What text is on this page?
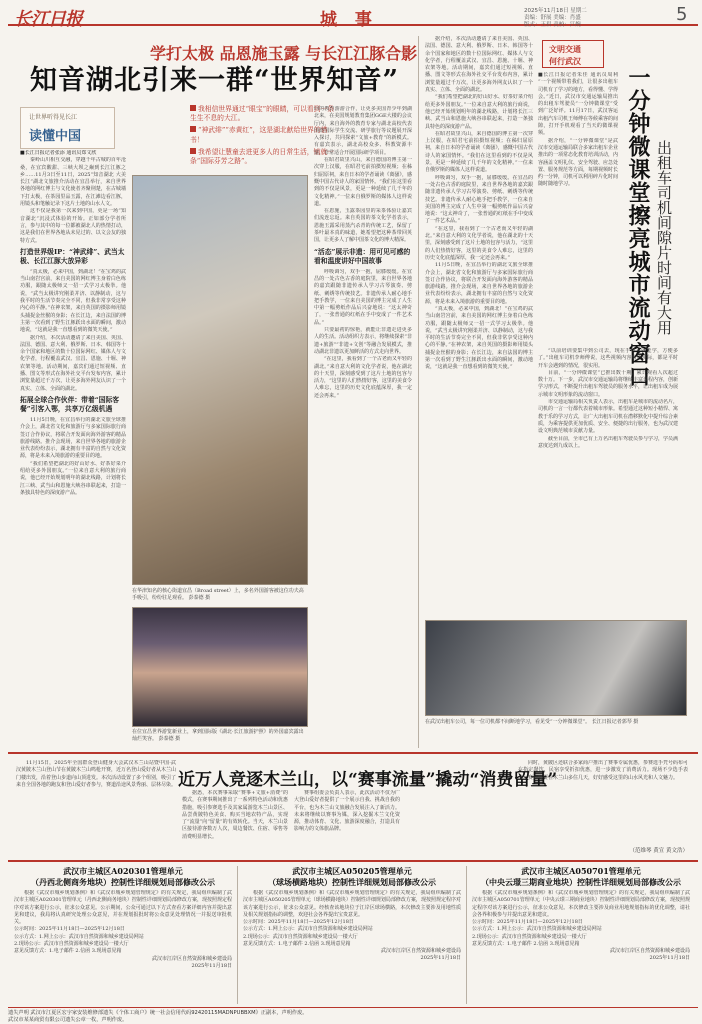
长江日报	城 事	2025年11月18日 星期二
责编：舒展 美编：肖盛
版式：王眉 责校：江婉	5
学打太极 品恩施玉露 与长江江豚合影
知音湖北引来一群“世界知音”
让世界听得见长江
读懂中国
我相信世界通过“眼宝”的眼睛，可以看到一条生生不息的大江。
“神武绯”“赤黄红”，这是湖北献给世界的惜书！
我希望让慧童去进更多人的日常生活，铺就一条“国际芬芳之路”。
■长江日报记者张添 通讯员郑文欣
秦岭山川相互交融，穿越千年古城的百年沧桑，在宜宾酸甜、三峡大坝之巅到长江江豚之乡……11月3日至11日，2025“知音湖北 大美长江”湖北文旅推介活动在宜昌举行，来自世界各地的网红博主与文化使者齐聚荆楚，在古城墙下打太极，在茶园里品玉露，在江滩边看江豚，用镜头和笔触记录下这片土地的山水人文。
这不仅是我第一次来到中国，更是一场“知音湖北”沉浸式体验的开始。正如部分学者所言，参与其中的每一位都被湖北人的热情打动，这是我们在世界各地从未见过的、以文会友的独特方式。
打造世界级IP：“神武绯”、武当太极、长江江豚大放异彩
“真太极，必来中国，到湖北！”在宝鸡的武当山南岩宫前，来自美国的网红博主身着白色练功服，跟随太极师父一招一式学习太极拳。他说，“武当太极讲究刚柔并济、以静制动，这与我平时的生活节奏完全不同，但我非常享受这种内心的平静。”在神农架，来自英国的摄影师用镜头捕捉金丝猴的身影；在长江边，来自法国的博主第一次看到了野生江豚跃出水面的瞬间，激动地说，“这就是我一直想看到的微笑天使。”
据介绍，本次活动邀请了来自美国、英国、法国、德国、意大利、俄罗斯、日本、韩国等十余个国家和地区的数十位国际网红、媒体人与文化学者，行程覆盖武汉、宜昌、恩施、十堰、神农架等地。活动期间，嘉宾们通过短视频、直播、图文等形式在海外社交平台发布内容，累计浏览量超过千万次，让更多海外网友认识了一个真实、立体、全面的湖北。
拓展全球合作伙伴：带着“国际客餐”引客入鄂，共享万亿级机遇
11月5日晚，在宜昌举行的湖北文旅全球推介会上，湖北省文化和旅游厅与多家国际旅行商签订合作协议，将联合开发面向海外游客的精品旅游线路。推介会现场，来自世界各地的旅游企业代表纷纷表示，湖北拥有丰富的自然与文化资源，将是未来入境旅游的重要目的地。
“我们希望把湖北的好山好水、好茶好菜介绍给更多外国朋友。”一位来自意大利的旅行商说，他已经开始规划明年的湖北线路，计划将长江三峡、武当山和恩施大峡谷串联起来，打造一条独具特色的深度游产品。
在华津知名的核心街道宜昌（Broad street）上，多名外国游客被这位功夫高手吸引，纷纷驻足观看。 彭泰德 摄
在位宜昌世界游览新业上，拿到国际版《湖北·长江旅游护照》的外国嘉宾露出灿烂笑容。 彭泰德 摄
同的教育游游合作，让更多美国青少年到湖北来，在美国规划教育集团GGE大楼的会议厅内，来自海外的教育专家与湖北高校代表围绕国际学生交流、研学旅行等议题展开深入探讨，共同探索“文旅+教育”的新模式。有嘉宾表示，湖北高校众多、科教资源丰富，非常适合开展国际研学项目。
在昭君故里兴山，来自德国的博主第一次穿上汉服，在昭君宅前拍摄短视频；在秭归屈原祠，来自日本的学者诵读《离骚》，感慨中国古代诗人的家国情怀。“我们在这里看到的不仅是风景，更是一种延续了几千年的文化精神。”一位来自俄罗斯的媒体人这样说道。
在恩施，玉露茶园里的采茶体验让嘉宾们流连忘返。来自英国的茶文化学者表示，恩施玉露采用蒸汽杀青的传统工艺，保留了茶叶最本真的味道，她希望把这种茶带回英国，让更多人了解中国茶文化的博大精深。
“活态”展示非遗：用可见可感的看和温度讲好中国故事
呼吸调匀，双手一抱，屈膝缓缓。在宜昌的一处古色古香的庭院里，来自世界各地的嘉宾跟随非遗传承人学习古琴演奏、剪纸、刺绣等传统技艺。非遗传承人耐心地手把手教学，一位来自美国的博主完成了人生中第一幅剪纸作品后兴奋地说：“这太神奇了，一张普通的红纸在手中变成了一件艺术品。”
只要最初的惊艳，就能让非遗走进更多人的生活。活动组织方表示，将继续探索“非遗+旅游”“非遗+文创”等融合发展模式，推动湖北非遗以更加鲜活的方式走向世界。
“在这里，我看到了一个古老而又年轻的湖北。”来自意大利的文化学者说，他在湖北的十天里，深刻感受到了这片土地的包容与活力，“这里的人们热情好客，这里的美食令人难忘，这里的历史文化底蕴深厚，我一定还会再来。”
文明交通
何行武汉
一分钟微课堂擦亮城市流动窗口 出租车司机间隙片时间有大用
■长江日报记者朱佳 通讯员周利 “一个视频带着我们，让很多出租车司机有了学习的地方，看得懂、学得会。”近日，武汉市交通运输局推出的出租车驾驶员“一分钟微课堂”受到广泛好评。11月17日，武汉客运出租汽车司机王师傅在等候乘客的间隙，打开手机观看了当天的微课视频。
据介绍，“一分钟微课堂”是武汉市交通运输局联合多家出租车企业推出的一项常态化教育培训活动，内容涵盖文明礼仪、安全驾驶、应急处置、服务规范等方面，每期视频时长约一分钟，司机可以利用碎片化时间随时随地学习。
“以前培训要集中到公司去，现在手机上就能学，方便多了。”出租车司机李师傅说，这些视频内容贴近实际，都是平时开车会遇到的情况，很实用。
目前，“一分钟微课堂”已推出数十期，累计观看人次超过数十万。下一步，武汉市交通运输局将继续丰富课程内容，创新学习形式，不断提升出租车驾驶员的服务水平，让出租车成为展示城市文明形象的流动窗口。
市交通运输局相关负责人表示，出租车是城市的流动名片，司机的一言一行都代表着城市形象。希望通过这种短小精悍、寓教于乐的学习方式，让广大出租车司机在潜移默化中提升综合素质，为乘客提供更加优质、安全、便捷的出行服务，也为武汉建设文明典范城市贡献力量。
截至目前，全市已有上万名出租车驾驶员参与学习，学员满意度达到九成以上。
据介绍，本次活动邀请了来自美国、英国、法国、德国、意大利、俄罗斯、日本、韩国等十余个国家和地区的数十位国际网红、媒体人与文化学者，行程覆盖武汉、宜昌、恩施、十堰、神农架等地。活动期间，嘉宾们通过短视频、直播、图文等形式在海外社交平台发布内容，累计浏览量超过千万次，让更多海外网友认识了一个真实、立体、全面的湖北。
“我们希望把湖北的好山好水、好茶好菜介绍给更多外国朋友。”一位来自意大利的旅行商说，他已经开始规划明年的湖北线路，计划将长江三峡、武当山和恩施大峡谷串联起来，打造一条独具特色的深度游产品。
在昭君故里兴山，来自德国的博主第一次穿上汉服，在昭君宅前拍摄短视频；在秭归屈原祠，来自日本的学者诵读《离骚》，感慨中国古代诗人的家国情怀。“我们在这里看到的不仅是风景，更是一种延续了几千年的文化精神。”一位来自俄罗斯的媒体人这样说道。
呼吸调匀，双手一抱，屈膝缓缓。在宜昌的一处古色古香的庭院里，来自世界各地的嘉宾跟随非遗传承人学习古琴演奏、剪纸、刺绣等传统技艺。非遗传承人耐心地手把手教学，一位来自美国的博主完成了人生中第一幅剪纸作品后兴奋地说：“这太神奇了，一张普通的红纸在手中变成了一件艺术品。”
“在这里，我看到了一个古老而又年轻的湖北。”来自意大利的文化学者说，他在湖北的十天里，深刻感受到了这片土地的包容与活力，“这里的人们热情好客，这里的美食令人难忘，这里的历史文化底蕴深厚，我一定还会再来。”
11月5日晚，在宜昌举行的湖北文旅全球推介会上，湖北省文化和旅游厅与多家国际旅行商签订合作协议，将联合开发面向海外游客的精品旅游线路。推介会现场，来自世界各地的旅游企业代表纷纷表示，湖北拥有丰富的自然与文化资源，将是未来入境旅游的重要目的地。
“真太极，必来中国，到湖北！”在宝鸡的武当山南岩宫前，来自美国的网红博主身着白色练功服，跟随太极师父一招一式学习太极拳。他说，“武当太极讲究刚柔并济、以静制动，这与我平时的生活节奏完全不同，但我非常享受这种内心的平静。”在神农架，来自英国的摄影师用镜头捕捉金丝猴的身影；在长江边，来自法国的博主第一次看到了野生江豚跃出水面的瞬间，激动地说，“这就是我一直想看到的微笑天使。”
在武汉出租车公司，每一位司机都不间断地学习，看见受“一分钟微课堂”。 长江日报记者郭琴 摄
11月15日，2025年全国群众登山健身大会武汉木兰山站暨中国·武汉黄陂木兰山登山节在黄陂木兰山鸣枪开赛，近万名登山爱好者从木兰山门楼出发，沿着登山步道向山顶进发。本次活动设置了多个组别，吸引了来自全国各地的跑友和登山爱好者参与，赛道沿途风景秀丽、层林尽染。 近万人竞逐木兰山，以“赛事流量”撬动“消费留量”
据悉，本次赛事采取“赛事+文旅+消费”的模式，在赛事期间推出了一系列特色活动和优惠措施，吸引参赛选手及其家属游览木兰山景区、品尝黄陂特色美食、购买当地农特产品，实现了“流量”向“留量”的有效转化。当天，木兰山景区接待游客数万人次，周边餐饮、住宿、零售等消费明显增长。
赛事组委会负责人表示，此次活动不仅为广大登山爱好者提供了一个展示自我、挑战自我的平台，也为木兰山文旅融合发展注入了新活力。未来将继续以赛事为媒，深入挖掘木兰文化资源，推动体育、文化、旅游深度融合，打造具有影响力的文体旅品牌。
同时，黄陂区还联合多家商户推出了赛事专属优惠，参赛选手凭号码布可在指定餐饮、民宿享受折扣优惠，进一步激发了消费活力。现场不少选手表示，赛后还要在木兰山多住几天，好好感受这里的山水风光和人文魅力。
（范维琴 黄宣 黄文浩）
武汉市主城区A020301管理单元
（丹西北侧商务地块）控制性详细规划局部修改公示
根据《武汉市城乡规划条例》和《武汉市城乡规划管理规定》的有关规定，我局组织编制了武汉市主城区A020301管理单元（丹西北侧商务地块）控制性详细规划局部修改方案，现按照规定程序对该方案进行公示，征求公众意见。公示期间，公众可通过以下方式查看方案详细内容并提出意见和建议，我局将认真研究处理公众意见，并在规划报批时将公众意见处理情况一并报送审批机关。
公示时间：2025年11月18日—2025年12月18日
公示方式：1.网上公示：武汉市自然资源和城乡建设局网站
2.现场公示：武汉市自然资源和城乡建设局一楼大厅
意见反馈方式：1.电子邮件 2.信函 3.现场意见箱
武汉市江岸区自然资源和城乡建设局
2025年11月18日
武汉市主城区A050205管理单元
（球场横路地块）控制性详细规划局部修改公示
根据《武汉市城乡规划条例》和《武汉市城乡规划管理规定》的有关规定，我局组织编制了武汉市主城区A050205管理单元（球场横路地块）控制性详细规划局部修改方案，现按照规定程序对该方案进行公示，征求公众意见。经核查该地块位于江岸区球场横路，本次修改主要涉及用地性质及相关规划指标的调整，欢迎社会各界提出宝贵意见。
公示时间：2025年11月18日—2025年12月18日
公示方式：1.网上公示：武汉市自然资源和城乡建设局网站
2.现场公示：武汉市自然资源和城乡建设局一楼大厅
意见反馈方式：1.电子邮件 2.信函 3.现场意见箱
武汉市江岸区自然资源和城乡建设局
2025年11月18日
武汉市主城区A050701管理单元
（中央云璟三期商业地块）控制性详细规划局部修改公示
根据《武汉市城乡规划条例》和《武汉市城乡规划管理规定》的有关规定，我局组织编制了武汉市主城区A050701管理单元（中央云璟三期商业地块）控制性详细规划局部修改方案，现按照规定程序对该方案进行公示，征求公众意见。本次修改主要涉及商业用地规划指标的优化调整，请社会各界积极参与并提出意见和建议。
公示时间：2025年11月18日—2025年12月18日
公示方式：1.网上公示：武汉市自然资源和城乡建设局网站
2.现场公示：武汉市自然资源和城乡建设局一楼大厅
意见反馈方式：1.电子邮件 2.信函 3.现场意见箱
武汉市江岸区自然资源和城乡建设局
2025年11月18日
遗失声明 武汉市江夏区宏宇家安装维修部遗失《个体工商户》统一社会信用代码92420115MADNPUBBXM》正副本，声明作废。
武汉市某某商贸有限公司遗失公章一枚，声明作废。
